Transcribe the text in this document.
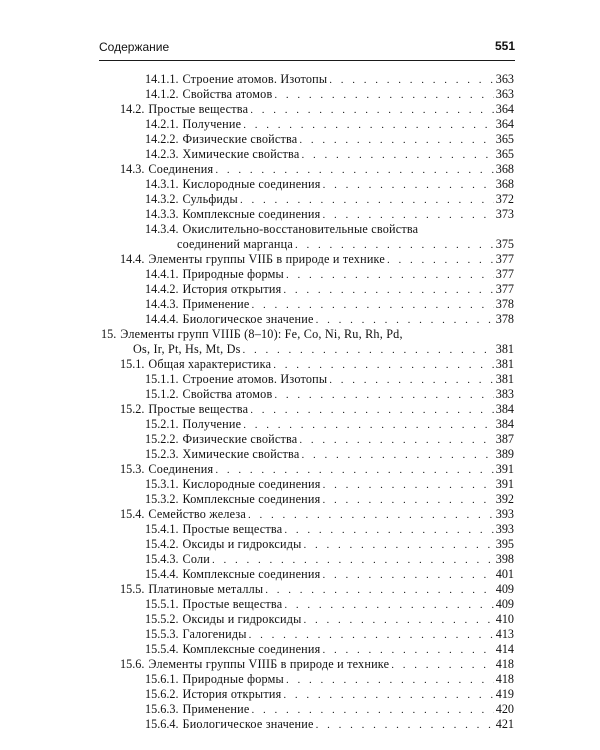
Содержание	551
14.1.1. Строение атомов. Изотопы . . .	363
14.1.2. Свойства атомов . . .	363
14.2. Простые вещества . . .	364
14.2.1. Получение . . .	364
14.2.2. Физические свойства . . .	365
14.2.3. Химические свойства . . .	365
14.3. Соединения . . .	368
14.3.1. Кислородные соединения . . .	368
14.3.2. Сульфиды . . .	372
14.3.3. Комплексные соединения . . .	373
14.3.4. Окислительно-восстановительные свойства
соединений марганца . . .	375
14.4. Элементы группы VIIБ в природе и технике . . .	377
14.4.1. Природные формы . . .	377
14.4.2. История открытия . . .	377
14.4.3. Применение . . .	378
14.4.4. Биологическое значение . . .	378
15. Элементы групп VIIIБ (8–10): Fe, Co, Ni, Ru, Rh, Pd,
Os, Ir, Pt, Hs, Mt, Ds . . .	381
15.1. Общая характеристика . . .	381
15.1.1. Строение атомов. Изотопы . . .	381
15.1.2. Свойства атомов . . .	383
15.2. Простые вещества . . .	384
15.2.1. Получение . . .	384
15.2.2. Физические свойства . . .	387
15.2.3. Химические свойства . . .	389
15.3. Соединения . . .	391
15.3.1. Кислородные соединения . . .	391
15.3.2. Комплексные соединения . . .	392
15.4. Семейство железа . . .	393
15.4.1. Простые вещества . . .	393
15.4.2. Оксиды и гидроксиды . . .	395
15.4.3. Соли . . .	398
15.4.4. Комплексные соединения . . .	401
15.5. Платиновые металлы . . .	409
15.5.1. Простые вещества . . .	409
15.5.2. Оксиды и гидроксиды . . .	410
15.5.3. Галогениды . . .	413
15.5.4. Комплексные соединения . . .	414
15.6. Элементы группы VIIIБ в природе и технике . . .	418
15.6.1. Природные формы . . .	418
15.6.2. История открытия . . .	419
15.6.3. Применение . . .	420
15.6.4. Биологическое значение . . .	421
